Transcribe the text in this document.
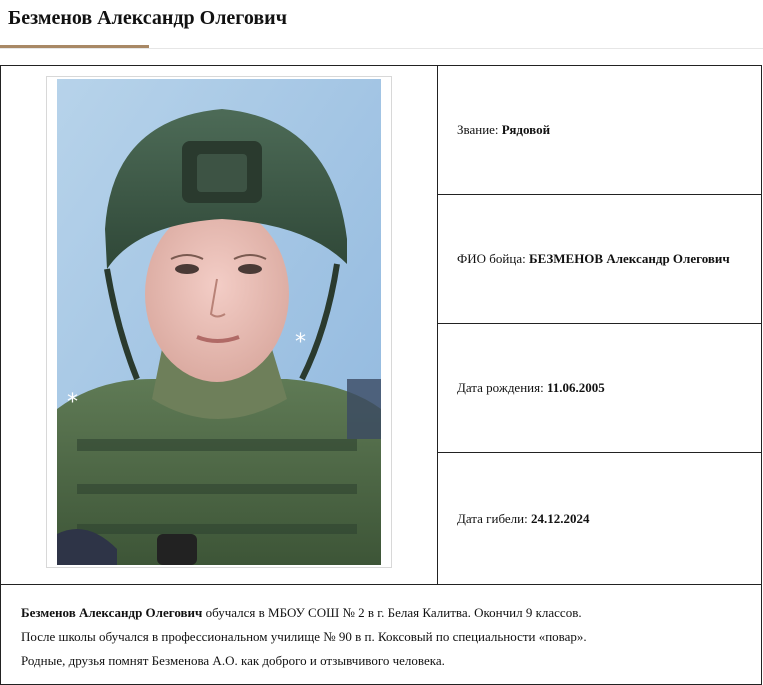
Безменов Александр Олегович
*
*
Звание: Рядовой
ФИО бойца: БЕЗМЕНОВ Александр Олегович
Дата рождения: 11.06.2005
Дата гибели: 24.12.2024

Безменов Александр Олегович обучался в МБОУ СОШ № 2 в г. Белая Калитва. Окончил 9 классов.

После школы обучался в профессиональном училище № 90 в п. Коксовый по специальности «повар».

Родные, друзья помнят Безменова А.О. как доброго и отзывчивого человека.
